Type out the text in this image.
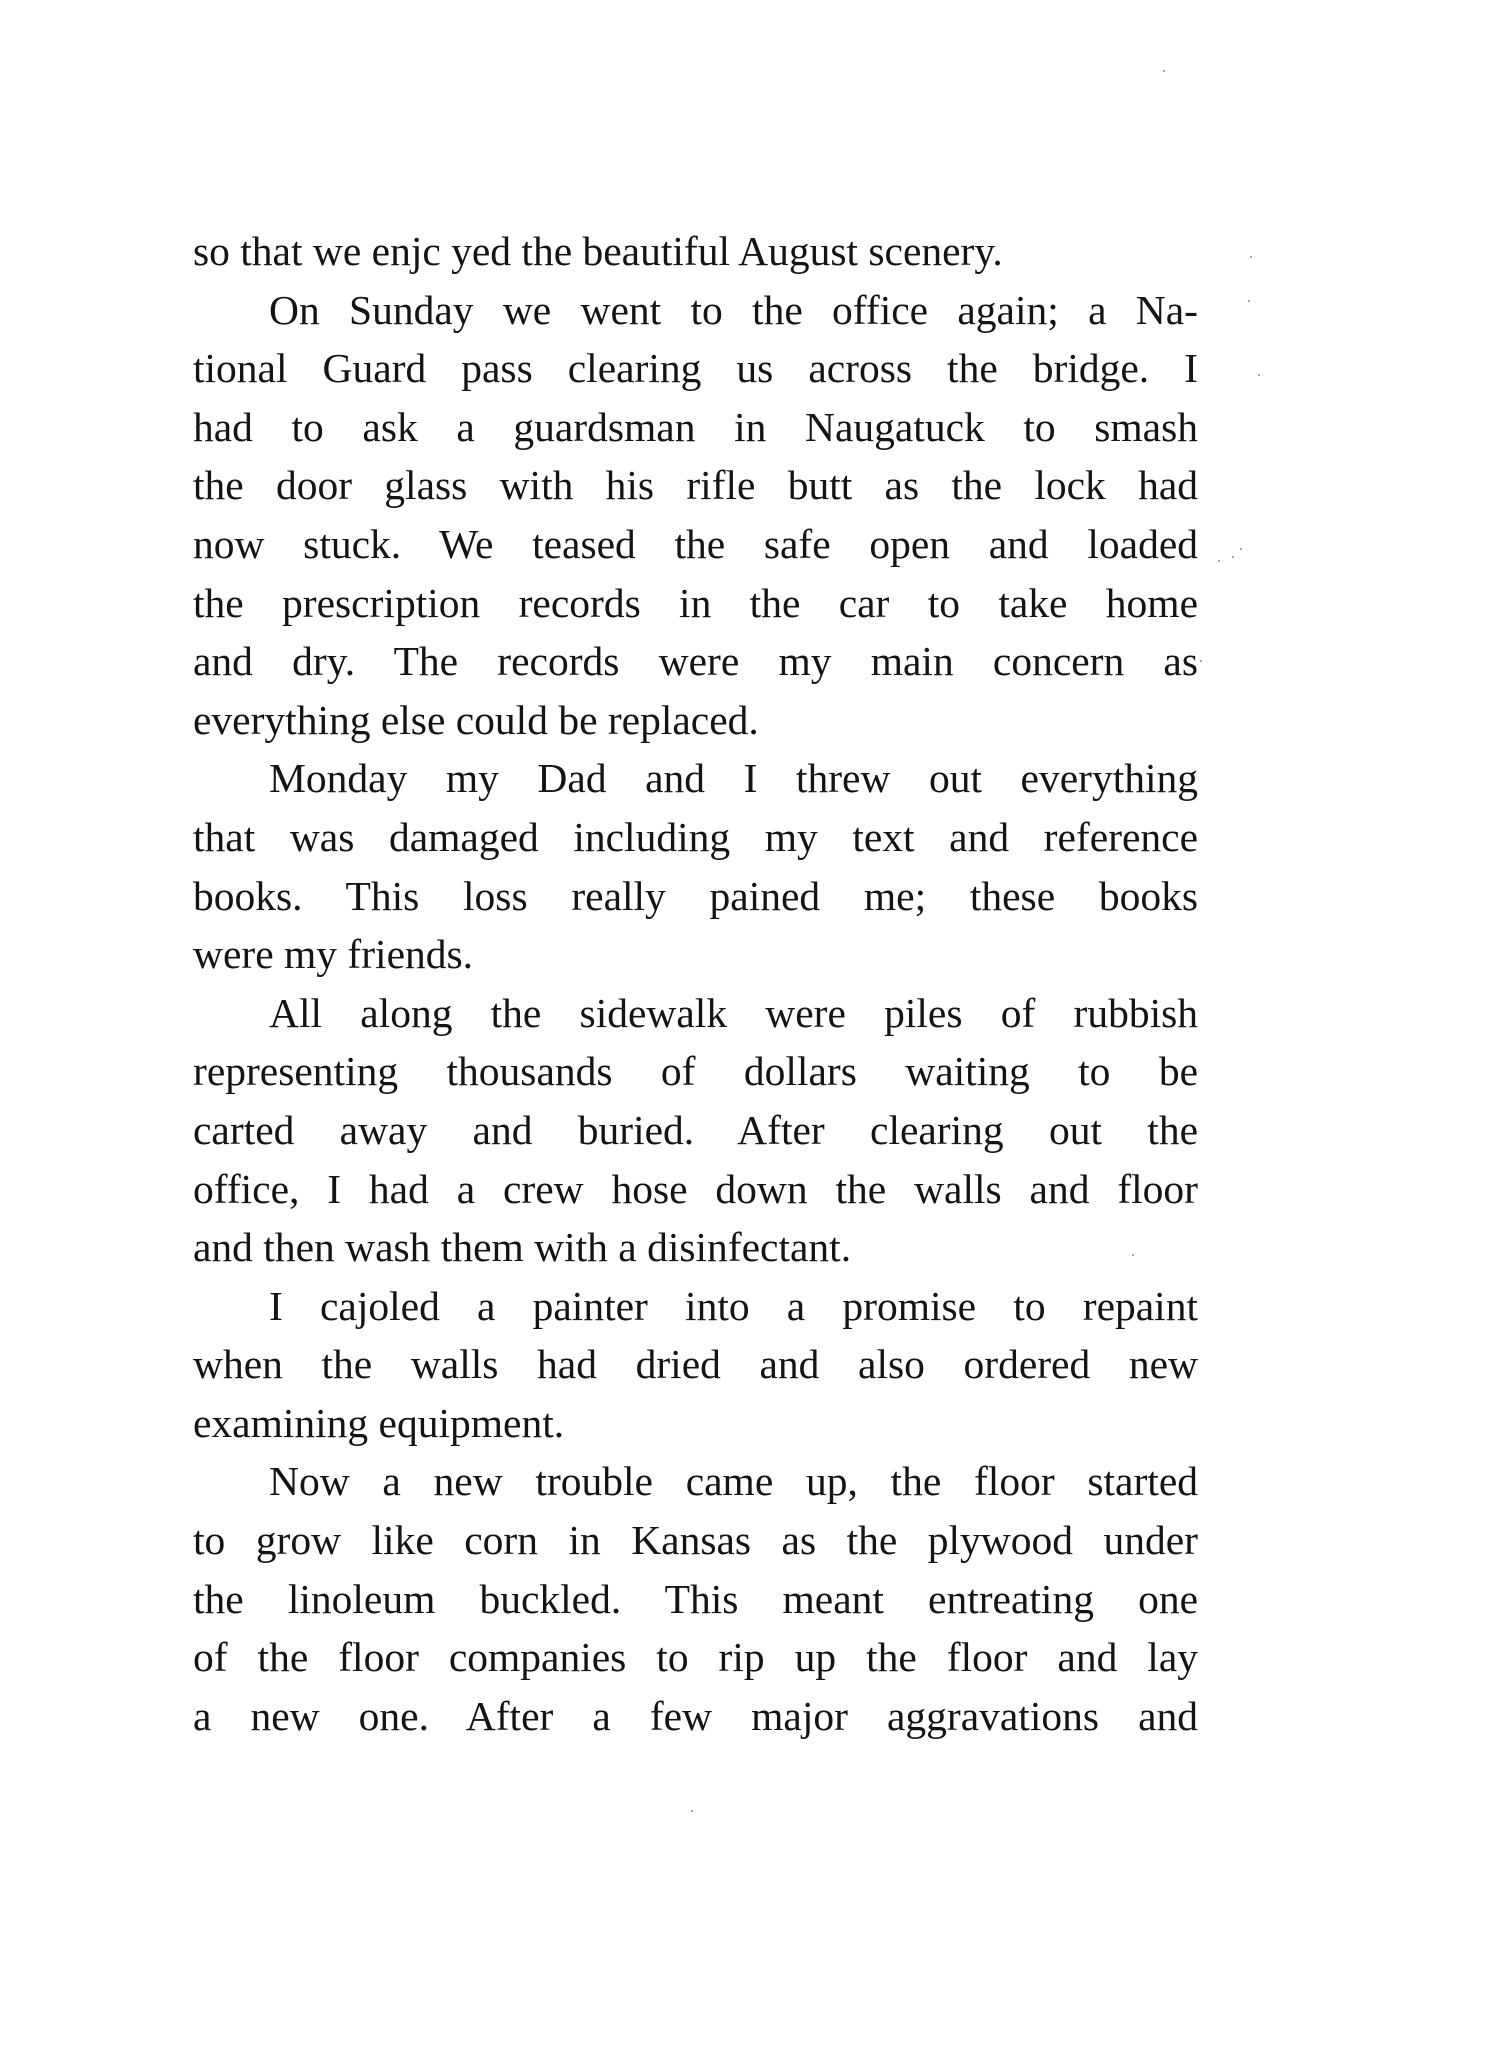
so that we enjc yed the beautiful August scenery.
On Sunday we went to the office again; a Na-
tional Guard pass clearing us across the bridge. I
had to ask a guardsman in Naugatuck to smash
the door glass with his rifle butt as the lock had
now stuck. We teased the safe open and loaded
the prescription records in the car to take home
and dry. The records were my main concern as
everything else could be replaced.
Monday my Dad and I threw out everything
that was damaged including my text and reference
books. This loss really pained me; these books
were my friends.
All along the sidewalk were piles of rubbish
representing thousands of dollars waiting to be
carted away and buried. After clearing out the
office, I had a crew hose down the walls and floor
and then wash them with a disinfectant.
I cajoled a painter into a promise to repaint
when the walls had dried and also ordered new
examining equipment.
Now a new trouble came up, the floor started
to grow like corn in Kansas as the plywood under
the linoleum buckled. This meant entreating one
of the floor companies to rip up the floor and lay
a new one. After a few major aggravations and
